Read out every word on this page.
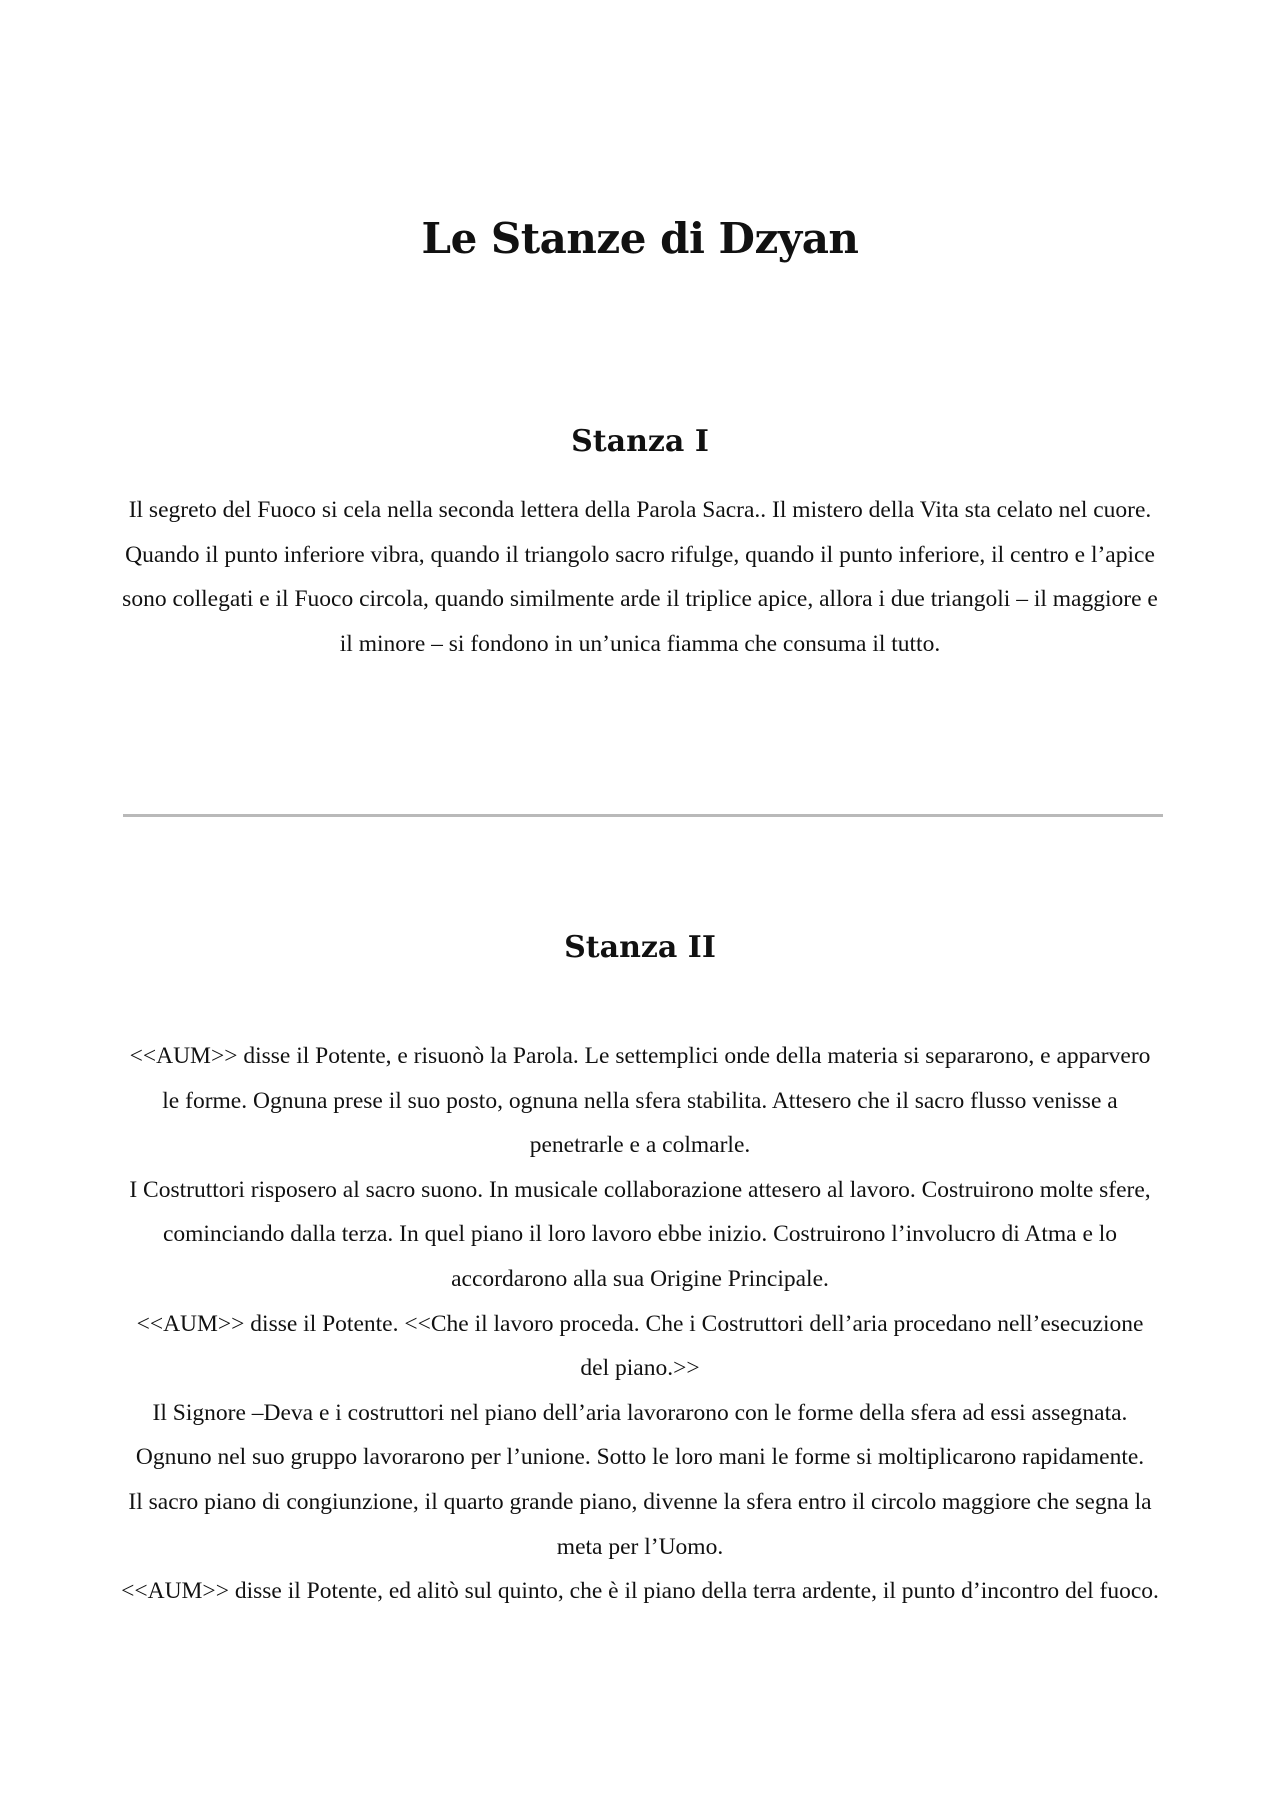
Le Stanze di Dzyan
Stanza I

Il segreto del Fuoco si cela nella seconda lettera della Parola Sacra.. Il mistero della Vita sta celato nel cuore.

Quando il punto inferiore vibra, quando il triangolo sacro rifulge, quando il punto inferiore, il centro e l’apice sono collegati e il Fuoco circola, quando similmente arde il triplice apice, allora i due triangoli – il maggiore e il minore – si fondono in un’unica fiamma che consuma il tutto.

Stanza II

<<AUM>> disse il Potente, e risuonò la Parola. Le settemplici onde della materia si separarono, e apparvero le forme. Ognuna prese il suo posto, ognuna nella sfera stabilita. Attesero che il sacro flusso venisse a penetrarle e a colmarle.

I Costruttori risposero al sacro suono. In musicale collaborazione attesero al lavoro. Costruirono molte sfere, cominciando dalla terza. In quel piano il loro lavoro ebbe inizio. Costruirono l’involucro di Atma e lo accordarono alla sua Origine Principale.

<<AUM>> disse il Potente. <<Che il lavoro proceda. Che i Costruttori dell’aria procedano nell’esecuzione del piano.>>

Il Signore –Deva e i costruttori nel piano dell’aria lavorarono con le forme della sfera ad essi assegnata. Ognuno nel suo gruppo lavorarono per l’unione. Sotto le loro mani le forme si moltiplicarono rapidamente.

Il sacro piano di congiunzione, il quarto grande piano, divenne la sfera entro il circolo maggiore che segna la meta per l’Uomo.

<<AUM>> disse il Potente, ed alitò sul quinto, che è il piano della terra ardente, il punto d’incontro del fuoco.
